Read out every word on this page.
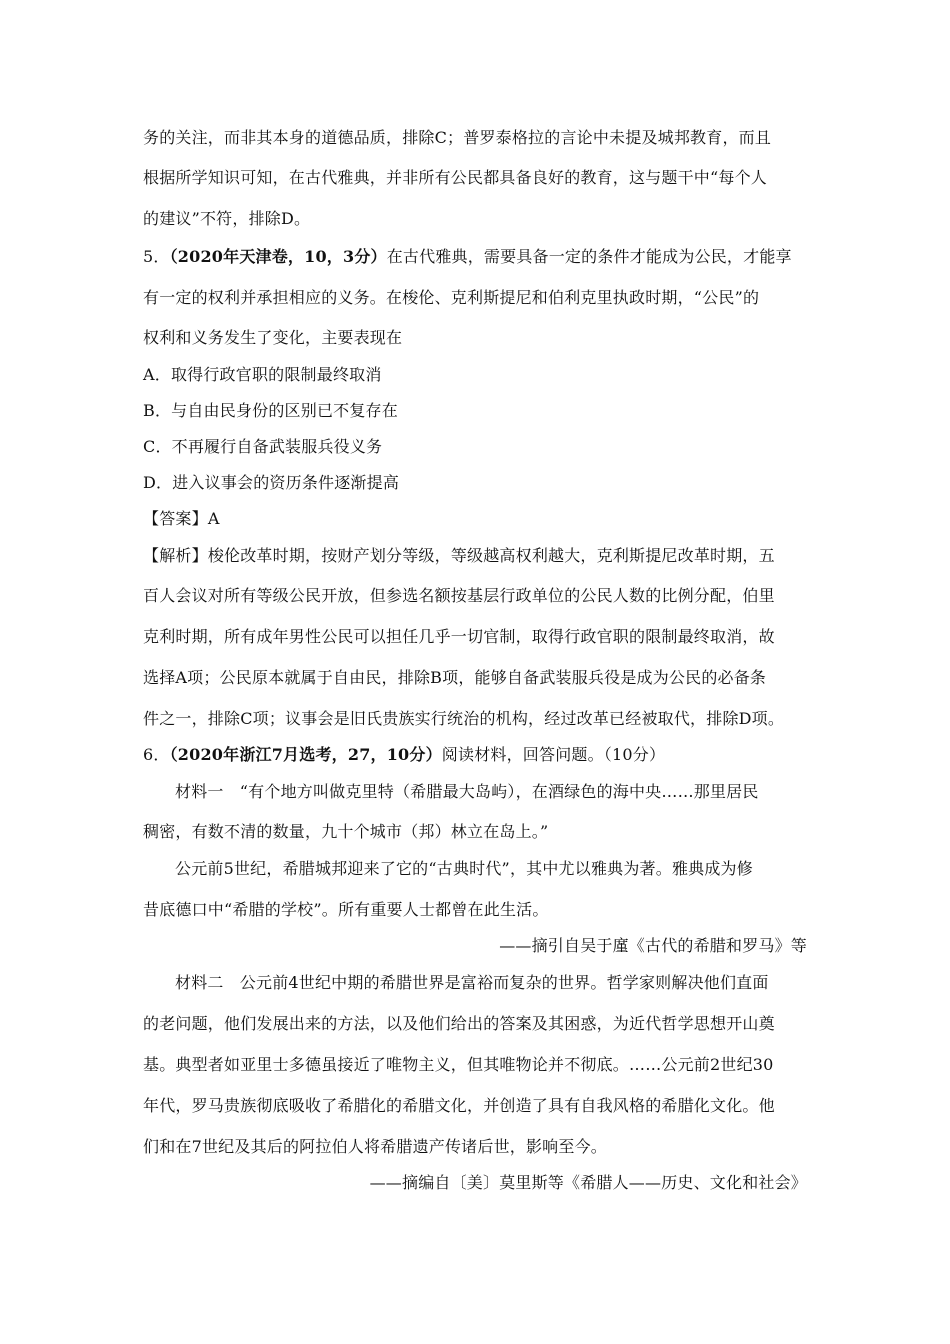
务的关注，而非其本身的道德品质，排除C；普罗泰格拉的言论中未提及城邦教育，而且
根据所学知识可知，在古代雅典，并非所有公民都具备良好的教育，这与题干中“每个人
的建议”不符，排除D。
5．（2020年天津卷，10，3分）在古代雅典，需要具备一定的条件才能成为公民，才能享
有一定的权利并承担相应的义务。在梭伦、克利斯提尼和伯利克里执政时期，“公民”的
权利和义务发生了变化，主要表现在
A．取得行政官职的限制最终取消
B．与自由民身份的区别已不复存在
C．不再履行自备武装服兵役义务
D．进入议事会的资历条件逐渐提高
【答案】A
【解析】梭伦改革时期，按财产划分等级，等级越高权利越大，克利斯提尼改革时期，五
百人会议对所有等级公民开放，但参选名额按基层行政单位的公民人数的比例分配，伯里
克利时期，所有成年男性公民可以担任几乎一切官制，取得行政官职的限制最终取消，故
选择A项；公民原本就属于自由民，排除B项，能够自备武装服兵役是成为公民的必备条
件之一，排除C项；议事会是旧氏贵族实行统治的机构，经过改革已经被取代，排除D项。
6．（2020年浙江7月选考，27，10分）阅读材料，回答问题。（10分）
材料一　“有个地方叫做克里特（希腊最大岛屿），在酒绿色的海中央……那里居民
稠密，有数不清的数量，九十个城市（邦）林立在岛上。”
公元前5世纪，希腊城邦迎来了它的“古典时代”，其中尤以雅典为著。雅典成为修
昔底德口中“希腊的学校”。所有重要人士都曾在此生活。
——摘引自吴于廑《古代的希腊和罗马》等
材料二　公元前4世纪中期的希腊世界是富裕而复杂的世界。哲学家则解决他们直面
的老问题，他们发展出来的方法，以及他们给出的答案及其困惑，为近代哲学思想开山奠
基。典型者如亚里士多德虽接近了唯物主义，但其唯物论并不彻底。……公元前2世纪30
年代，罗马贵族彻底吸收了希腊化的希腊文化，并创造了具有自我风格的希腊化文化。他
们和在7世纪及其后的阿拉伯人将希腊遗产传诸后世，影响至今。
——摘编自〔美〕莫里斯等《希腊人——历史、文化和社会》
